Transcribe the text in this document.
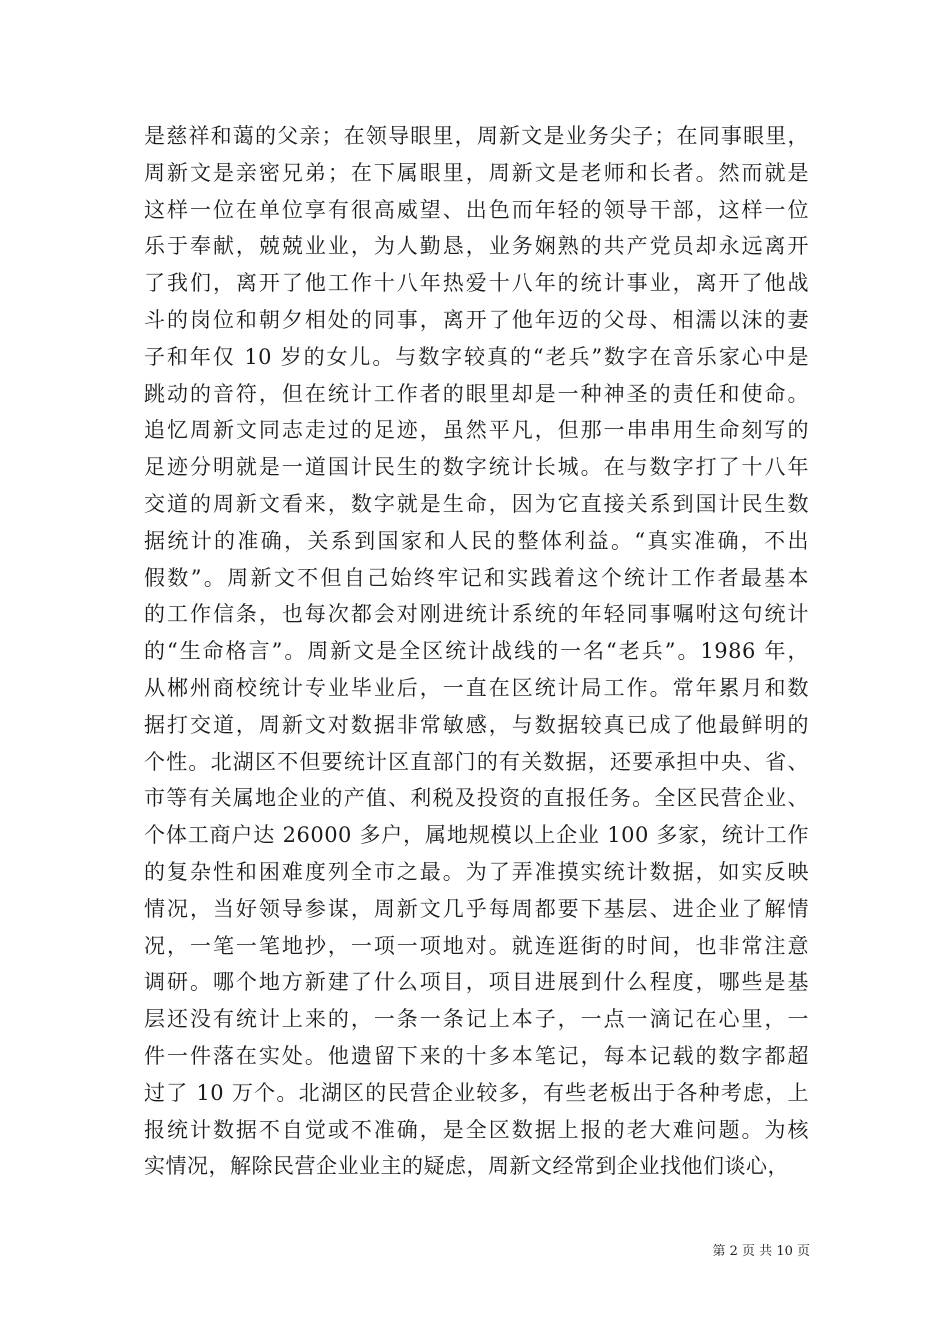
是慈祥和蔼的父亲；在领导眼里，周新文是业务尖子；在同事眼里，
周新文是亲密兄弟；在下属眼里，周新文是老师和长者。然而就是
这样一位在单位享有很高威望、出色而年轻的领导干部，这样一位
乐于奉献，兢兢业业，为人勤恳，业务娴熟的共产党员却永远离开
了我们，离开了他工作十八年热爱十八年的统计事业，离开了他战
斗的岗位和朝夕相处的同事，离开了他年迈的父母、相濡以沫的妻
子和年仅 10 岁的女儿。与数字较真的“老兵”数字在音乐家心中是
跳动的音符，但在统计工作者的眼里却是一种神圣的责任和使命。
追忆周新文同志走过的足迹，虽然平凡，但那一串串用生命刻写的
足迹分明就是一道国计民生的数字统计长城。在与数字打了十八年
交道的周新文看来，数字就是生命，因为它直接关系到国计民生数
据统计的准确，关系到国家和人民的整体利益。“真实准确，不出
假数”。周新文不但自己始终牢记和实践着这个统计工作者最基本
的工作信条，也每次都会对刚进统计系统的年轻同事嘱咐这句统计
的“生命格言”。周新文是全区统计战线的一名“老兵”。1986 年，
从郴州商校统计专业毕业后，一直在区统计局工作。常年累月和数
据打交道，周新文对数据非常敏感，与数据较真已成了他最鲜明的
个性。北湖区不但要统计区直部门的有关数据，还要承担中央、省、
市等有关属地企业的产值、利税及投资的直报任务。全区民营企业、
个体工商户达 26000 多户，属地规模以上企业 100 多家，统计工作
的复杂性和困难度列全市之最。为了弄准摸实统计数据，如实反映
情况，当好领导参谋，周新文几乎每周都要下基层、进企业了解情
况，一笔一笔地抄，一项一项地对。就连逛街的时间，也非常注意
调研。哪个地方新建了什么项目，项目进展到什么程度，哪些是基
层还没有统计上来的，一条一条记上本子，一点一滴记在心里，一
件一件落在实处。他遗留下来的十多本笔记，每本记载的数字都超
过了 10 万个。北湖区的民营企业较多，有些老板出于各种考虑，上
报统计数据不自觉或不准确，是全区数据上报的老大难问题。为核
实情况，解除民营企业业主的疑虑，周新文经常到企业找他们谈心，
第 2 页 共 10 页
